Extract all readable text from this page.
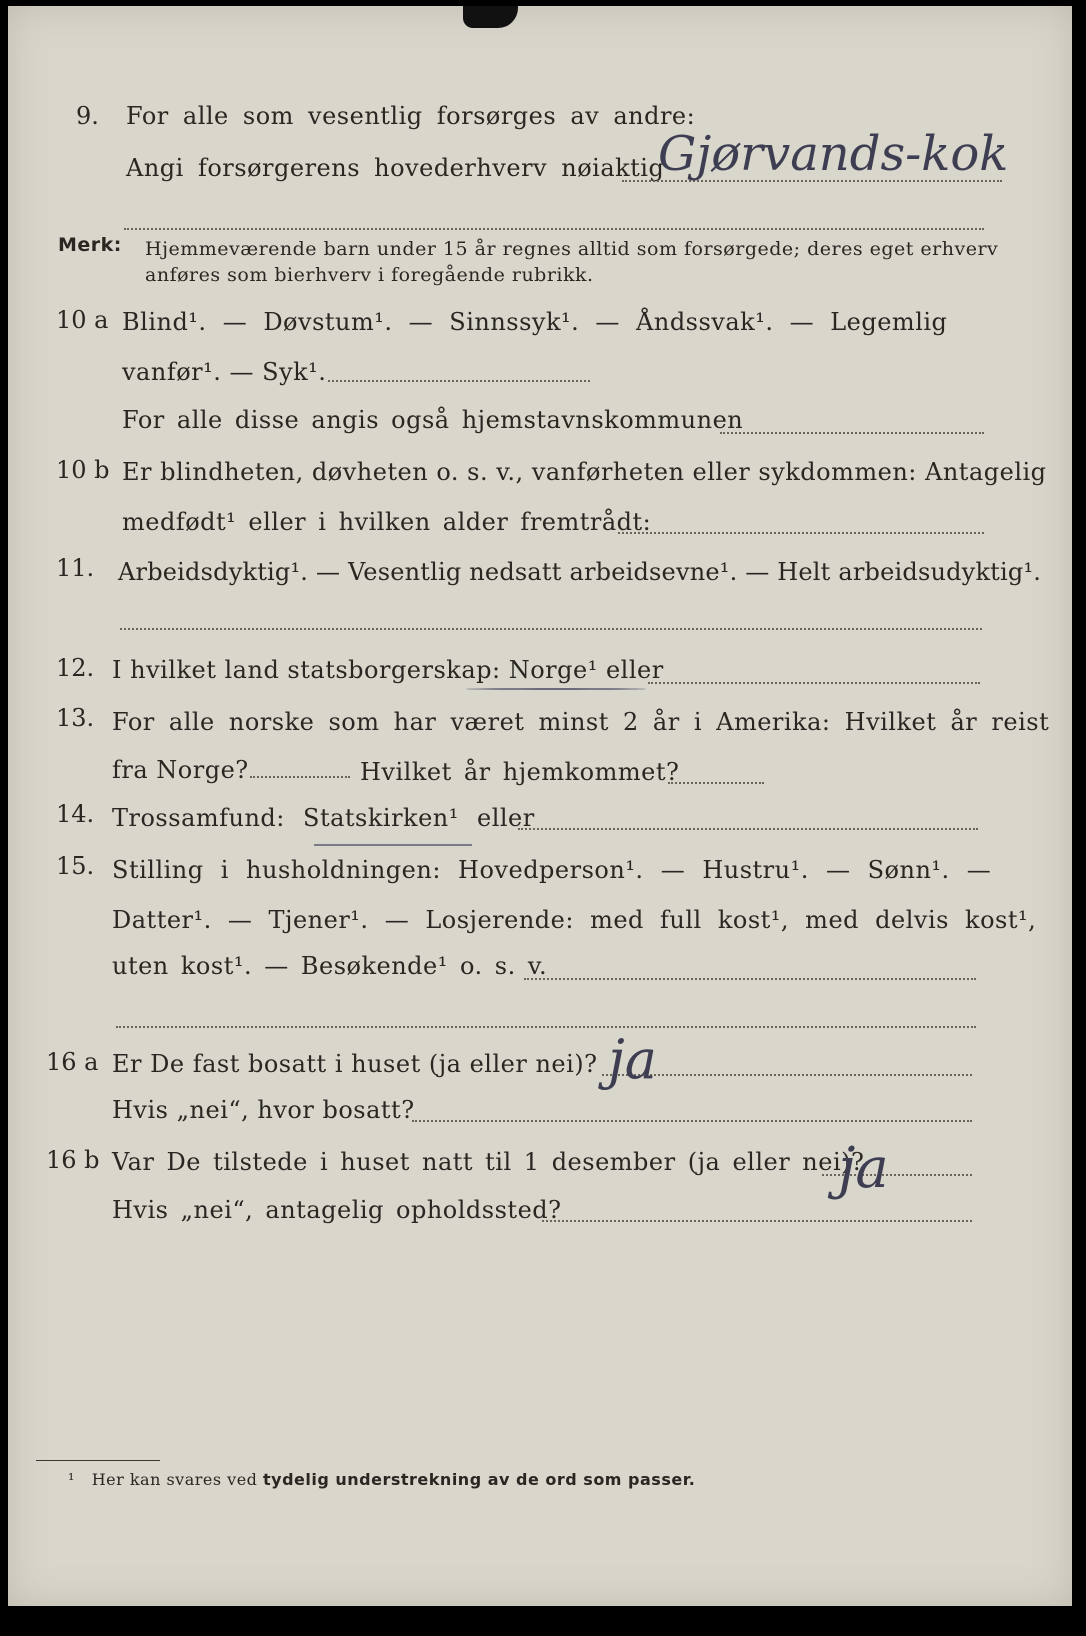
9. For alle som vesentlig forsørges av andre:
Angi forsørgerens hovederhverv nøiaktig
Gjørvands-kok
Merk: Hjemmeværende barn under 15 år regnes alltid som forsørgede; deres eget erhverv
anføres som bierhverv i foregående rubrikk.
10 a Blind¹. — Døvstum¹. — Sinnssyk¹. — Åndssvak¹. — Legemlig
vanfør¹. — Syk¹.
For alle disse angis også hjemstavnskommunen
10 b Er blindheten, døvheten o. s. v., vanførheten eller sykdommen: Antagelig
medfødt¹ eller i hvilken alder fremtrådt:
11. Arbeidsdyktig¹. — Vesentlig nedsatt arbeidsevne¹. — Helt arbeidsudyktig¹.
12. I hvilket land statsborgerskap: Norge¹ eller
13. For alle norske som har været minst 2 år i Amerika: Hvilket år reist
fra Norge?	Hvilket år hjemkommet?
14. Trossamfund: Statskirken¹ eller
15. Stilling i husholdningen: Hovedperson¹. — Hustru¹. — Sønn¹. —
Datter¹. — Tjener¹. — Losjerende: med full kost¹, med delvis kost¹,
uten kost¹. — Besøkende¹ o. s. v.
16 a Er De fast bosatt i huset (ja eller nei)? ja
Hvis „nei“, hvor bosatt?
16 b Var De tilstede i huset natt til 1 desember (ja eller nei)?
ja
Hvis „nei“, antagelig opholdssted?
¹ Her kan svares ved tydelig understrekning av de ord som passer.
